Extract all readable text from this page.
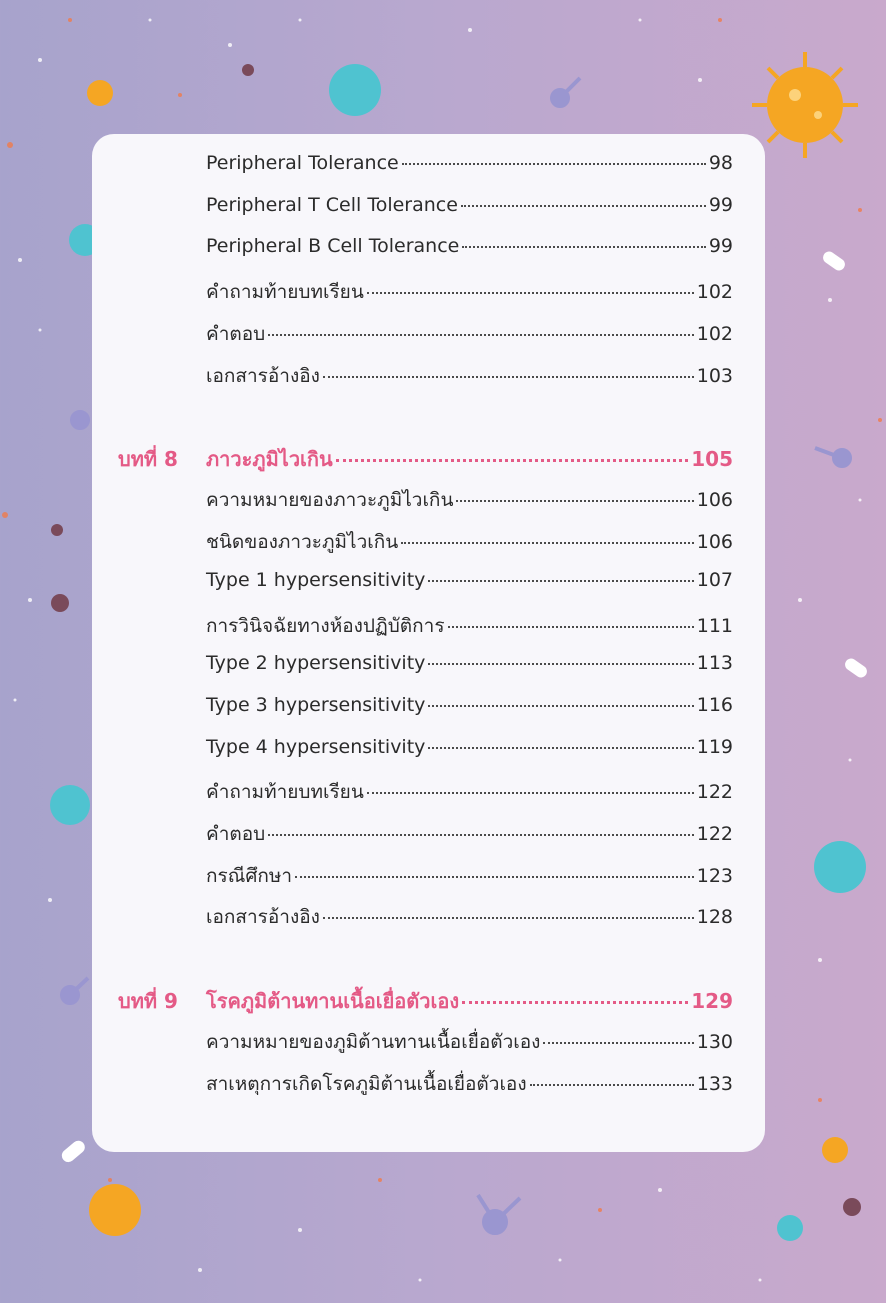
Peripheral Tolerance	98
Peripheral T Cell Tolerance	99
Peripheral B Cell Tolerance	99
คำถามท้ายบทเรียน	102
คำตอบ	102
เอกสารอ้างอิง	103
บทที่ 8 ภาวะภูมิไวเกิน	105
ความหมายของภาวะภูมิไวเกิน	106
ชนิดของภาวะภูมิไวเกิน	106
Type 1 hypersensitivity	107
การวินิจฉัยทางห้องปฏิบัติการ	111
Type 2 hypersensitivity	113
Type 3 hypersensitivity	116
Type 4 hypersensitivity	119
คำถามท้ายบทเรียน	122
คำตอบ	122
กรณีศึกษา	123
เอกสารอ้างอิง	128
บทที่ 9 โรคภูมิต้านทานเนื้อเยื่อตัวเอง	129
ความหมายของภูมิต้านทานเนื้อเยื่อตัวเอง	130
สาเหตุการเกิดโรคภูมิต้านเนื้อเยื่อตัวเอง	133
